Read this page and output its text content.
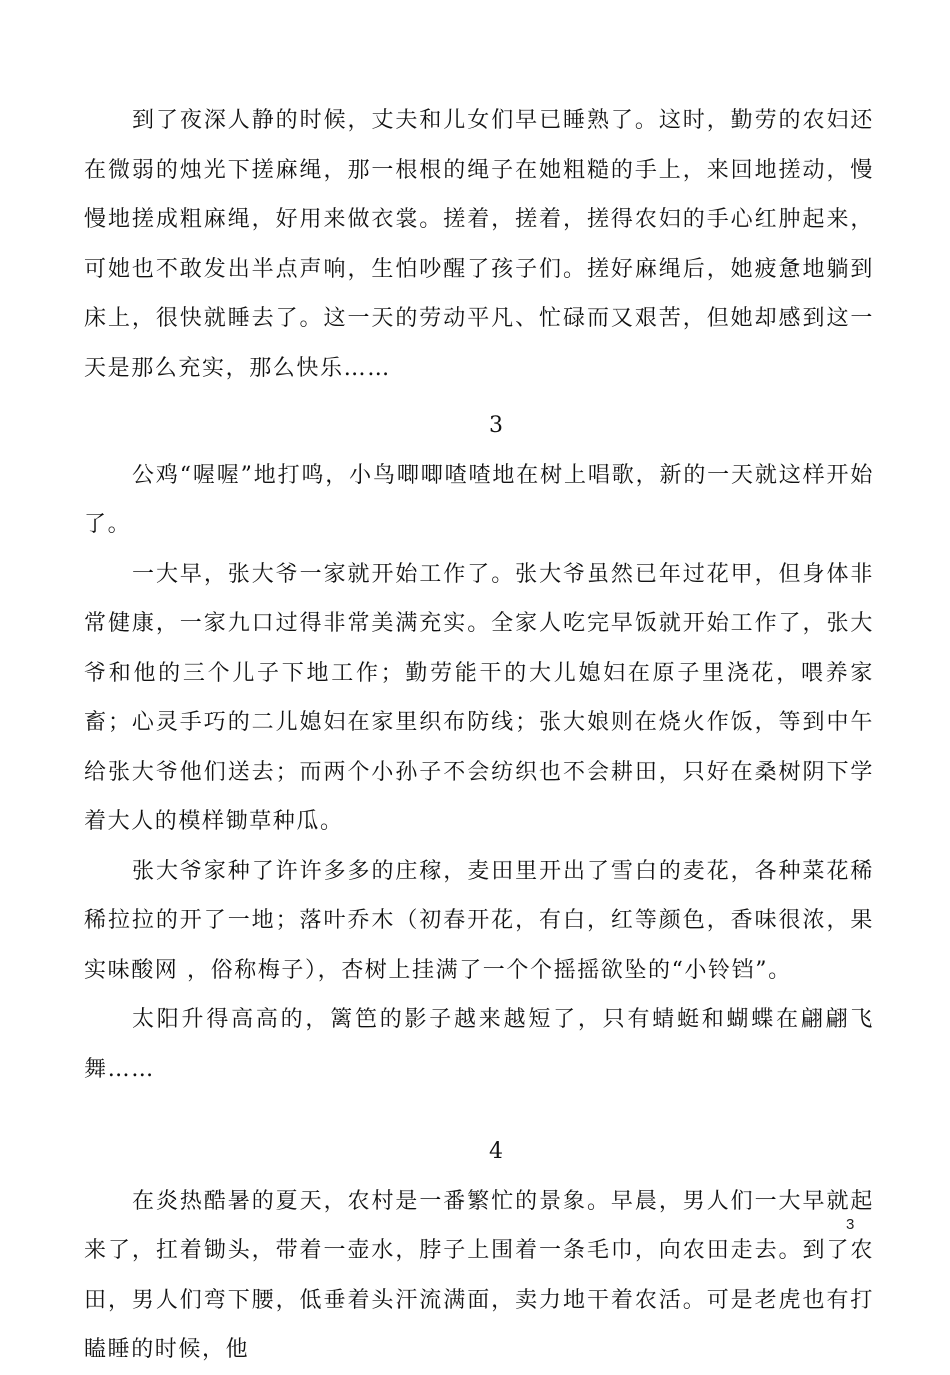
到了夜深人静的时候，丈夫和儿女们早已睡熟了。这时，勤劳的农妇还在微弱的烛光下搓麻绳，那一根根的绳子在她粗糙的手上，来回地搓动，慢慢地搓成粗麻绳，好用来做衣裳。搓着，搓着，搓得农妇的手心红肿起来，可她也不敢发出半点声响，生怕吵醒了孩子们。搓好麻绳后，她疲惫地躺到床上，很快就睡去了。这一天的劳动平凡、忙碌而又艰苦，但她却感到这一天是那么充实，那么快乐……

3

公鸡“喔喔”地打鸣，小鸟唧唧喳喳地在树上唱歌，新的一天就这样开始了。

一大早，张大爷一家就开始工作了。张大爷虽然已年过花甲，但身体非常健康，一家九口过得非常美满充实。全家人吃完早饭就开始工作了，张大爷和他的三个儿子下地工作；勤劳能干的大儿媳妇在原子里浇花，喂养家畜；心灵手巧的二儿媳妇在家里织布防线；张大娘则在烧火作饭，等到中午给张大爷他们送去；而两个小孙子不会纺织也不会耕田，只好在桑树阴下学着大人的模样锄草种瓜。

张大爷家种了许许多多的庄稼，麦田里开出了雪白的麦花，各种菜花稀稀拉拉的开了一地；落叶乔木（初春开花，有白，红等颜色，香味很浓，果实味酸网 ，俗称梅子），杏树上挂满了一个个摇摇欲坠的“小铃铛”。

太阳升得高高的，篱笆的影子越来越短了，只有蜻蜓和蝴蝶在翩翩飞舞……

4

在炎热酷暑的夏天，农村是一番繁忙的景象。早晨，男人们一大早就起来了，扛着锄头，带着一壶水，脖子上围着一条毛巾，向农田走去。到了农田，男人们弯下腰，低垂着头汗流满面，卖力地干着农活。可是老虎也有打瞌睡的时候，他

3
